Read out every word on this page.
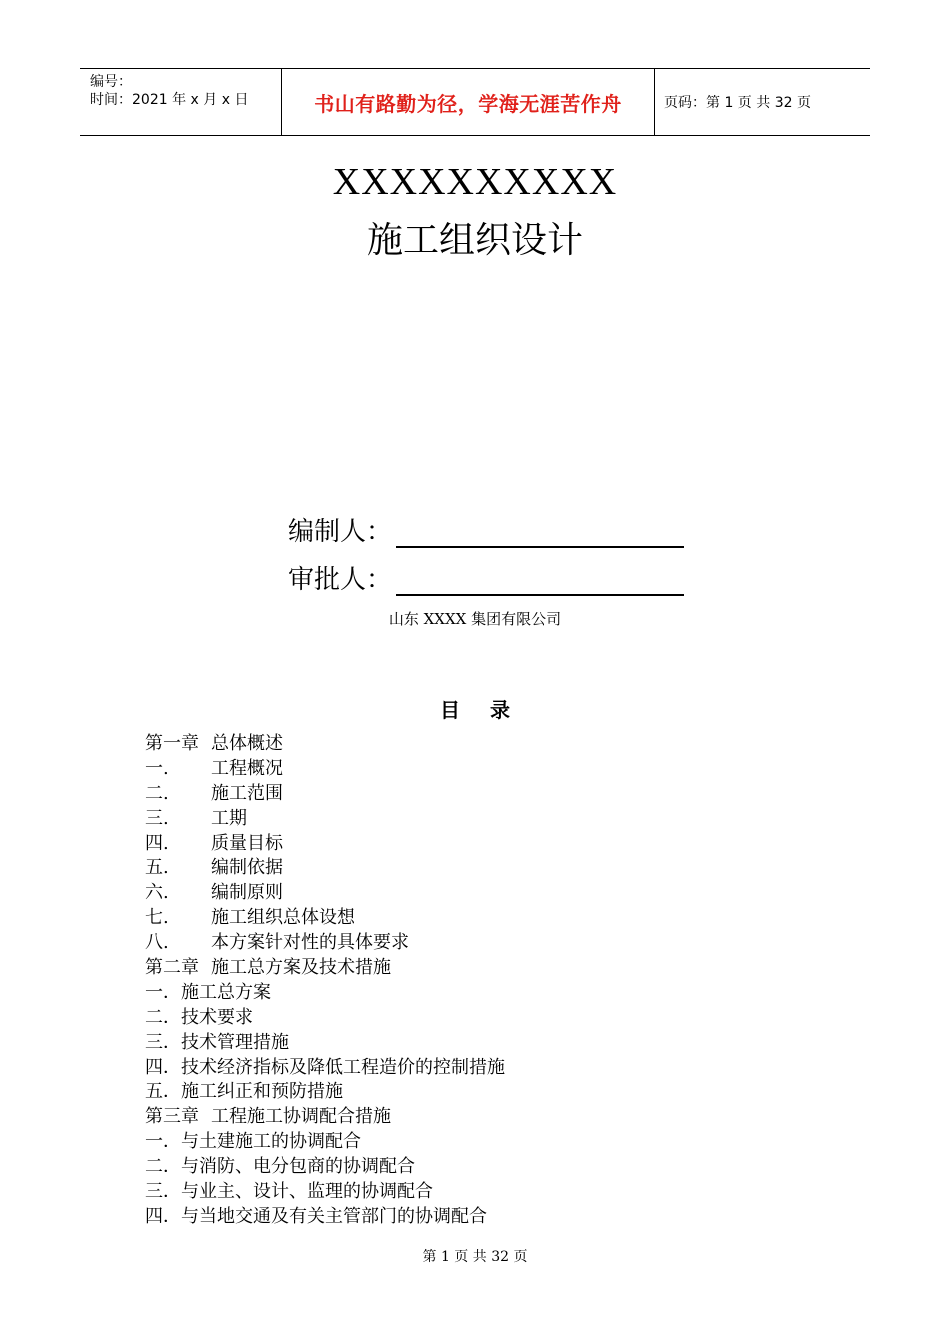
编号：
时间：2021 年 x 月 x 日	书山有路勤为径，学海无涯苦作舟	页码：第 1 页 共 32 页
XXXXXXXXXX
施工组织设计
编制人：
审批人：
山东 XXXX 集团有限公司
目录
第一章 总体概述
一.	工程概况
二.	施工范围
三.	工期
四.	质量目标
五.	编制依据
六.	编制原则
七.	施工组织总体设想
八.	本方案针对性的具体要求
第二章 施工总方案及技术措施
一． 施工总方案
二． 技术要求
三． 技术管理措施
四． 技术经济指标及降低工程造价的控制措施
五． 施工纠正和预防措施
第三章 工程施工协调配合措施
一． 与土建施工的协调配合
二． 与消防、电分包商的协调配合
三． 与业主、设计、监理的协调配合
四． 与当地交通及有关主管部门的协调配合
第 1 页 共 32 页
